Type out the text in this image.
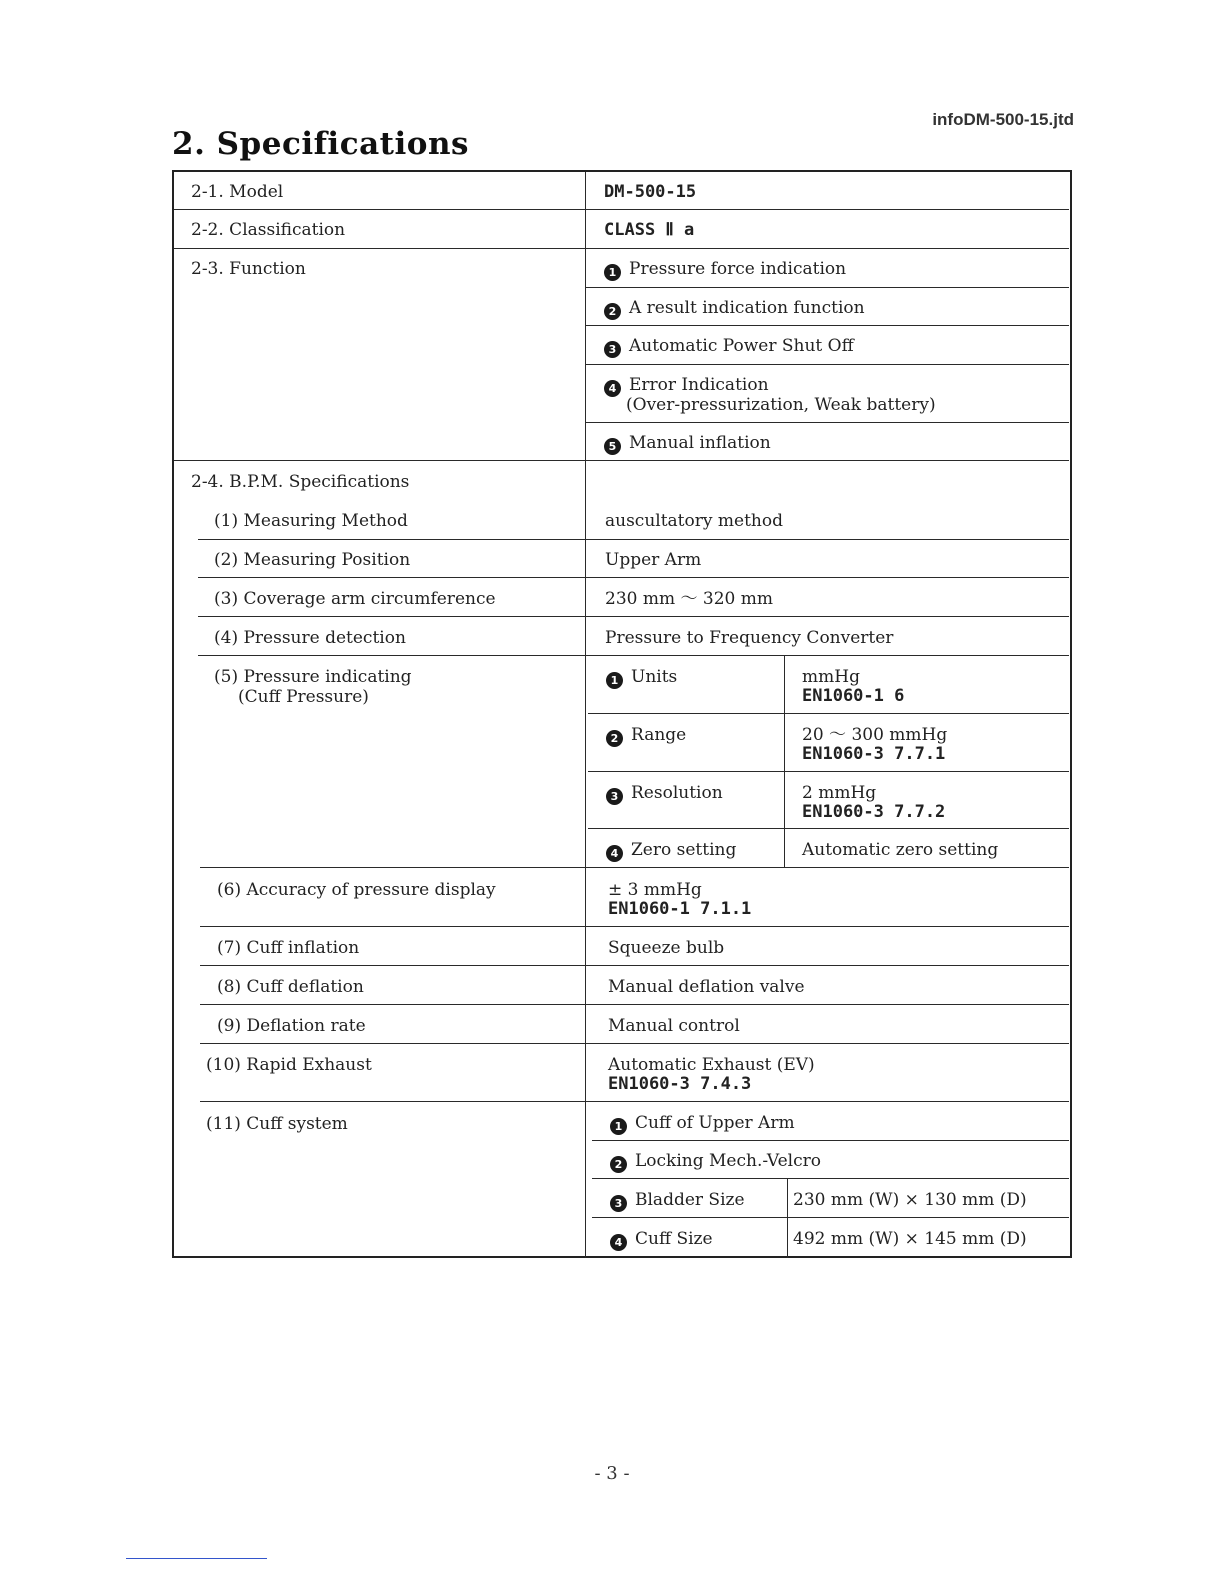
infoDM-500-15.jtd
2. Specifications
2-1. Model	DM-500-15
2-2. Classification	CLASS Ⅱ a
2-3. Function	1 Pressure force indication
2 A result indication function
3 Automatic Power Shut Off
4 Error Indication
(Over-pressurization, Weak battery)
5 Manual inflation
2-4. B.P.M. Specifications
(1) Measuring Method	auscultatory method
(2) Measuring Position	Upper Arm
(3) Coverage arm circumference	230 mm ～ 320 mm
(4) Pressure detection	Pressure to Frequency Converter
(5) Pressure indicating
(Cuff Pressure)
1 Units	mmHg
EN1060-1 6
2 Range	20 ～ 300 mmHg
EN1060-3 7.7.1
3 Resolution	2 mmHg
EN1060-3 7.7.2
4 Zero setting	Automatic zero setting
(6) Accuracy of pressure display	± 3 mmHg
EN1060-1 7.1.1
(7) Cuff inflation	Squeeze bulb
(8) Cuff deflation	Manual deflation valve
(9) Deflation rate	Manual control
(10) Rapid Exhaust	Automatic Exhaust (EV)
EN1060-3 7.4.3
(11) Cuff system	1 Cuff of Upper Arm
2 Locking Mech.-Velcro
3 Bladder Size	230 mm (W) × 130 mm (D)
4 Cuff Size	492 mm (W) × 145 mm (D)
- 3 -
